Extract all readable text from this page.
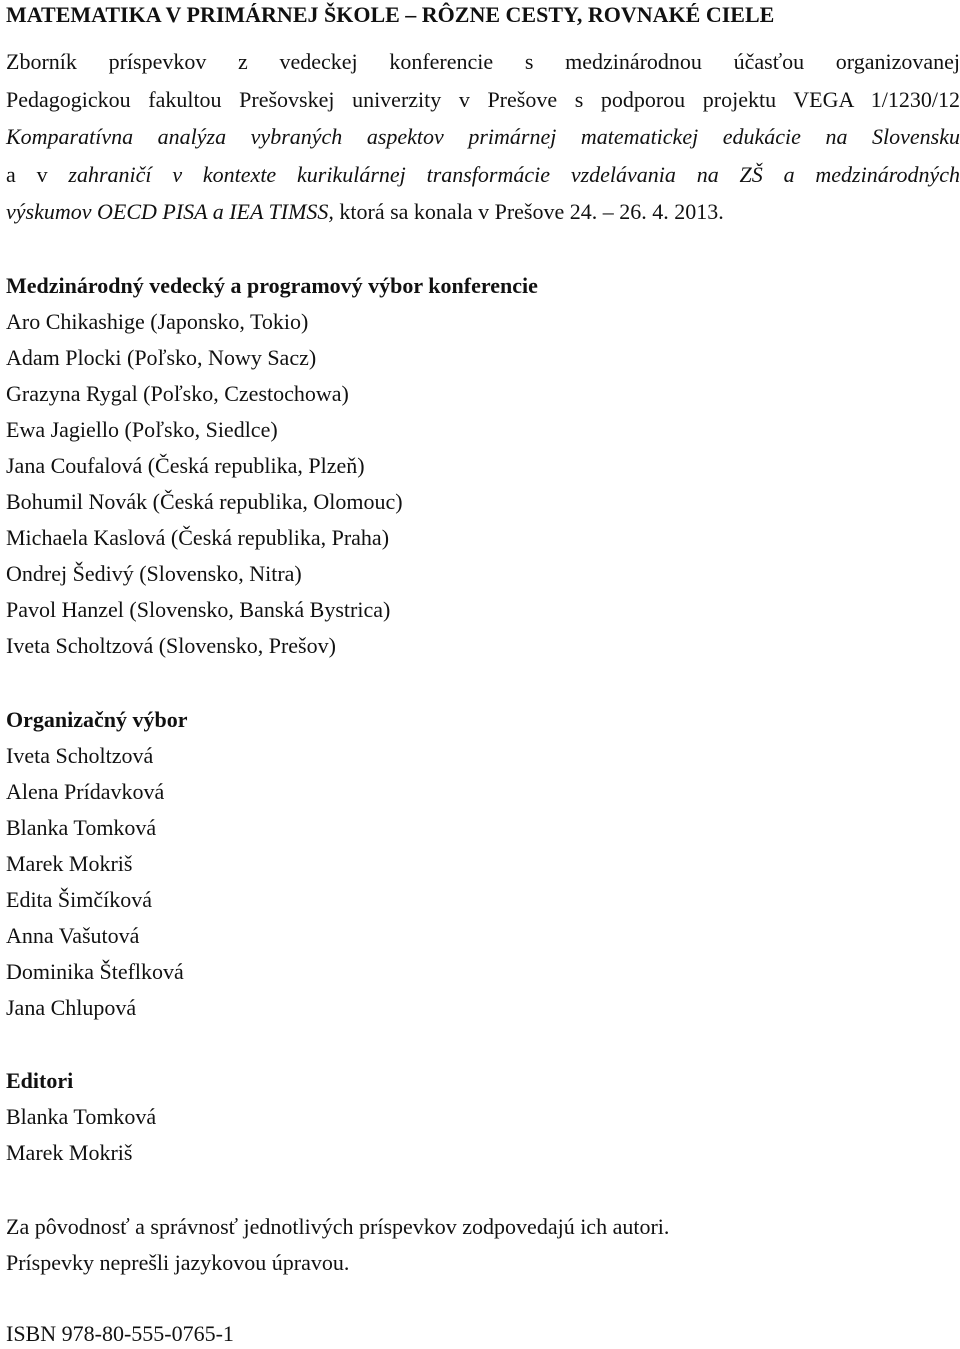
MATEMATIKA V PRIMÁRNEJ ŠKOLE – RÔZNE CESTY, ROVNAKÉ CIELE
Zborník príspevkov z vedeckej konferencie s medzinárodnou účasťou organizovanej
Pedagogickou fakultou Prešovskej univerzity v Prešove s podporou projektu VEGA 1/1230/12
Komparatívna analýza vybraných aspektov primárnej matematickej edukácie na Slovensku
a v zahraničí v kontexte kurikulárnej transformácie vzdelávania na ZŠ a medzinárodných
výskumov OECD PISA a IEA TIMSS, ktorá sa konala v Prešove 24. – 26. 4. 2013.
Medzinárodný vedecký a programový výbor konferencie
Aro Chikashige (Japonsko, Tokio)
Adam Plocki (Poľsko, Nowy Sacz)
Grazyna Rygal (Poľsko, Czestochowa)
Ewa Jagiello (Poľsko, Siedlce)
Jana Coufalová (Česká republika, Plzeň)
Bohumil Novák (Česká republika, Olomouc)
Michaela Kaslová (Česká republika, Praha)
Ondrej Šedivý (Slovensko, Nitra)
Pavol Hanzel (Slovensko, Banská Bystrica)
Iveta Scholtzová (Slovensko, Prešov)
Organizačný výbor
Iveta Scholtzová
Alena Prídavková
Blanka Tomková
Marek Mokriš
Edita Šimčíková
Anna Vašutová
Dominika Šteflková
Jana Chlupová
Editori
Blanka Tomková
Marek Mokriš

Za pôvodnosť a správnosť jednotlivých príspevkov zodpovedajú ich autori.

Príspevky neprešli jazykovou úpravou.

ISBN 978-80-555-0765-1
